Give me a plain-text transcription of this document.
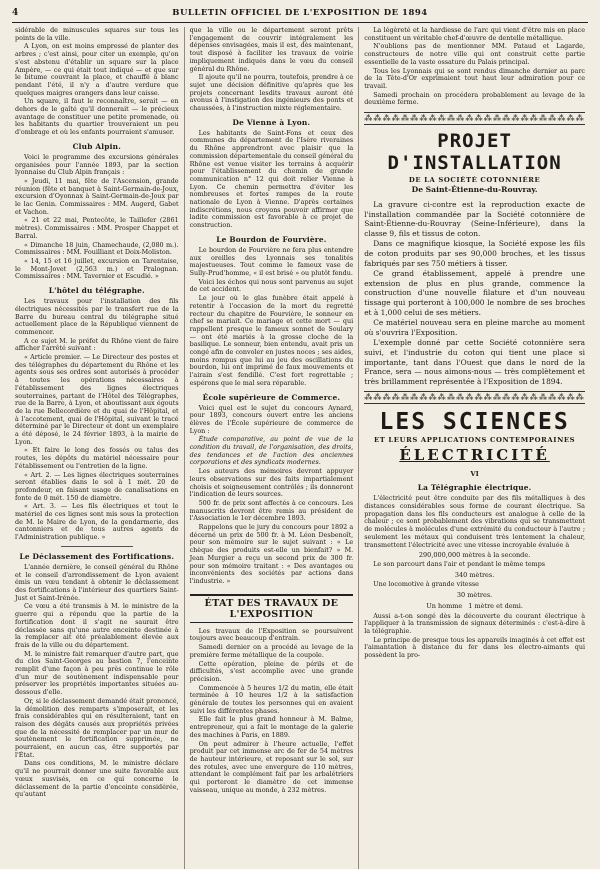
4	BULLETIN OFFICIEL DE L'EXPOSITION DE 1894

sidérable de minuscules squares sur tous les points de la ville.

A Lyon, on est moins empressé de planter des arbres ; c'est ainsi, pour citer un exemple, qu'on s'est abstenu d'établir un square sur la place Ampère, — ce qui était tout indiqué — et que sur le bitume couvrant la place, et chauffé à blanc pendant l'été, il n'y a d'autre verdure que quelques maigres orangers dans leur caisse.

Un square, il faut le reconnaître, serait — en dehors de le gaîté qu'il donnerait — le précieux avantage de constituer une petite promenade, où les habitants du quartier trouveraient un peu d'ombrage et où les enfants pourraient s'amuser.

Club Alpin.

Voici le programme des excursions générales organisées pour l'année 1893, par la section lyonnaise du Club Alpin français :

« Jeudi, 11 mai, fête de l'Ascension, grande réunion (fête et banquet à Saint-Germain-de-Joux, excursion d'Oyonnax à Saint-Germain-de-Joux par le lac Genin. Commissaires : MM. Augerd, Gabet et Vachon.

« 21 et 22 mai, Pentecôte, le Taillefer (2861 mètres). Commissaires : MM. Prosper Chappet et Barral.

« Dimanche 18 juin, Chamechaude, (2,080 m.). Commissaires : MM. Fouilliant et Doix-Moliston.

« 14, 15 et 16 juillet, excursion en Tarentaise, le Mont-Jovet (2,563 m.) et Pralognan. Commissaires : MM. Tavernier et Escudié. »

L'hôtel du télégraphe.

Les travaux pour l'installation des fils électriques nécessités par le transfert rue de la Barre du bureau central du télégraphe situé actuellement place de la République viennent de commencer.

A ce sujet M. le préfet du Rhône vient de faire afficher l'arrêté suivant :

« Article premier. — Le Directeur des postes et des télégraphes du département du Rhône et les agents sous ses ordres sont autorisés à procéder à toutes les opérations nécessaires à l'établissement des lignes électriques souterraines, partant de l'Hôtel des Télégraphes, rue de la Barre, à Lyon, et aboutissant aux égouts de la rue Bellecordière et du quai de l'Hôpital, et à l'accotement, quai de l'Hôpital, suivant le tracé déterminé par le Directeur et dont un exemplaire a été déposé, le 24 février 1893, à la mairie de Lyon.

« Et faire le long des fossés ou talus des routes, les dépôts du matériel nécessaire pour l'établissement ou l'entretien de la ligne.

« Art. 2. — Les lignes électriques souterraines seront établies dans le sol à 1 mét. 20 de profondeur, en faisant usage de canalisations en fonte de 0 mét. 150 de diamètre.

« Art. 3. — Les fils électriques et tout le matériel de ces lignes sont mis sous la protection de M. le Maire de Lyon, de la gendarmerie, des cantonniers et de tous autres agents de l'Administration publique. »

Le Déclassement des Fortifications.

L'année dernière, le conseil général du Rhône et le conseil d'arrondissement de Lyon avaient émis un vœu tendant à obtenir le déclassement des fortifications à l'intérieur des quartiers Saint-Just et Saint-Irénée.

Ce vœu a été transmis à M. le ministre de la guerre qui a répondu que la partie de la fortification dont il s'agit ne saurait être déclassée sans qu'une autre enceinte destinée à la remplacer ait été préalablement élevée aux frais de la ville ou du département.

M. le ministre fait remarquer d'autre part, que du clos Saint-Georges au bastion 7, l'enceinte remplit d'une façon à peu près continue le rôle d'un mur de soutènement indispensable pour préserver les propriétés importantes situées au-dessous d'elle.

Or, si le déclassement demandé était prononcé, la démolition des remparts s'imposerait, et les frais considérables qui en résulteraient, tant en raison des dégâts causés aux propriétés privées que de la nécessité de remplacer par un mur de soutènement le fortification supprimée, ne pourraient, en aucun cas, être supportés par l'État.

Dans ces conditions, M. le ministre déclare qu'il ne pourrait donner une suite favorable aux vœux susvisés, en ce qui concerne le déclassement de la partie d'enceinte considérée, qu'autant

que la ville ou le département seront prêts l'engagement de couvrir intégralement les dépenses envisagées, mais il est, dès maintenant, tout disposé à faciliter les travaux de voirie impliquement indiqués dans le vœu du conseil général du Rhône.

Il ajoute qu'il ne pourra, toutefois, prendre à ce sujet une décision définitive qu'après que les projets concernant lesdits travaux auront été avonus à l'instigation des ingénieurs des ponts et chaussées, à l'instruction mixte réglementaire.

De Vienne à Lyon.

Les habitants de Saint-Fons et ceux des communes du département de l'Isère riveraines du Rhône apprendront avec plaisir que la commission départementale du conseil général du Rhône est venue visiter les terrains à acquérir pour l'établissement du chemin de grande communication n° 12 qui doit relier Vienne à Lyon. Ce chemin permettra d'éviter les nombreuses et fortes rampes de la route nationale de Lyon à Vienne. D'après certaines indiscrétions, nous croyons pouvoir affirmer que ladite commission est favorable à ce projet de construction.

Le Bourdon de Fourvière.

Le bourdon de Fourvière ne fera plus entendre aux oreilles des Lyonnais ses tonalités majestueuses. Tout comme le fameux vase de Sully-Prud'homme, « il est brisé » ou plutôt fendu.

Voici les échos qui nous sont parvenus au sujet de cet accident.

Le jour où le glas funèbre était appelé à retentir à l'occasion de la mort du regretté recteur du chapitre de Fourvière, le sonneur en chef se mariait. Ce mariage et cette mort — qui rappellent presque le fameux sonnet de Soulary — ont été mariés à la grosse cloche de la basilique. Le sonneur, bien entendu, avait pris un congé afin de convoler en justes noces ; ses aides, moins rompus que lui au jeu des oscillations du bourdon, lui ont imprimé de faux mouvements et l'airain s'est fendillé. C'est fort regrettable ; espérons que le mal sera réparable.

École supérieure de Commerce.

Voici quel est le sujet du concours Aynard, pour 1893, concours ouvert entre les anciens élèves de l'École supérieure de commerce de Lyon :

Étude comparative, au point de vue de la condition du travail, de l'organisation, des droits, des tendances et de l'action des anciennes corporations et des syndicats modernes.

Les auteurs des mémoires devront appuyer leurs observations sur des faits impartialement choisis et soigneusement contrôlés ; ils donneront l'indication de leurs sources.

500 fr. de prix sont affectés à ce concours. Les manuscrits devront être remis au président de l'Association le 1er décembre 1893.

Rappelons que le jury du concours pour 1892 a décerné un prix de 500 fr. à M. Léon Desbenoît, pour son mémoire sur le sujet suivant : « Le chèque des produits est-elle un bienfait? » M. Jean Murgier a reçu un second prix de 300 fr. pour son mémoire traitant : « Des avantages ou inconvénients des sociétés par actions dans l'industrie. »

ÉTAT DES TRAVAUX DE L'EXPOSITION

Les travaux de l'Exposition se poursuivent toujours avec beaucoup d'entrain.

Samedi dernier on a procédé au levage de la première ferme métallique de la coupole.

Cette opération, pleine de périls et de difficultés, s'est accomplie avec une grande précision.

Commencée à 5 heures 1/2 du matin, elle était terminée à 10 heures 1/2 à la satisfaction générale de toutes les personnes qui en avaient suivi les différentes phases.

Elle fait le plus grand honneur à M. Balme, entrepreneur, qui a fait le montage de la galerie des machines à Paris, en 1889.

On peut admirer à l'heure actuelle, l'effet produit par cet immense arc de fer de 54 mètres de hauteur intérieure, et reposant sur le sol, sur des rotules, avec une envergure de 110 mètres, attendant le complément fait par les arbalétriers qui porteront le diamètre de cet immense vaisseau, unique au monde, à 232 mètres.

La légèreté et la hardiesse de l'arc qui vient d'être mis en place constituent un véritable chef-d'œuvre de dentelle métallique.

N'oublions pas de mentionner MM. Pataud et Lagarde, constructeurs de notre ville qui ont construit cette partie essentielle de la vaste ossature du Palais principal.

Tous les Lyonnais qui se sont rendus dimanche dernier au parc de la Tête-d'Or exprimaient tout haut leur admiration pour ce travail.

Samedi prochain on procédera probablement au levage de la deuxième ferme.

⁂⁂⁂⁂⁂⁂⁂⁂⁂⁂⁂⁂⁂⁂⁂⁂⁂⁂⁂⁂⁂⁂⁂⁂
PROJET D'INSTALLATION
DE LA SOCIÉTÉ COTONNIÈRE
De Saint-Étienne-du-Rouvray.

La gravure ci-contre est la reproduction exacte de l'installation commandée par la Société cotonnière de Saint-Étienne-du-Rouvray (Seine-Inférieure), dans la classe 9, fils et tissus de coton.

Dans ce magnifique kiosque, la Société expose les fils de coton produits par ses 90,000 broches, et les tissus fabriqués par ses 750 métiers à tisser.

Ce grand établissement, appelé à prendre une extension de plus en plus grande, commence la construction d'une nouvelle filature et d'un nouveau tissage qui porteront à 100,000 le nombre de ses broches et à 1,000 celui de ses métiers.

Ce matériel nouveau sera en pleine marche au moment où s'ouvrira l'Exposition.

L'exemple donné par cette Société cotonnière sera suivi, et l'industrie du coton qui tient une place si importante, tant dans l'Ouest que dans le nord de la France, sera — nous aimons-nous — très complètement et très brillamment représentée à l'Exposition de 1894.

⁂⁂⁂⁂⁂⁂⁂⁂⁂⁂⁂⁂⁂⁂⁂⁂⁂⁂⁂⁂⁂⁂⁂⁂
LES SCIENCES
ET LEURS APPLICATIONS CONTEMPORAINES
ÉLECTRICITÉ
VI
La Télégraphie électrique.

L'électricité peut être conduite par des fils métalliques à des distances considérables sous forme de courant électrique. Sa propagation dans les fils conducteurs est analogue à celle de la chaleur ; ce sont probablement des vibrations qui se transmettent de molécules à molécules d'une extrémité du conducteur à l'autre ; seulement les métaux qui conduisent très lentement la chaleur, transmettent l'électricité avec une vitesse incroyable évaluée à

290,000,000 mètres à la seconde.

Le son parcourt dans l'air et pendant le même temps

340 mètres.

Une locomotive à grande vitesse

30 mètres.
Un homme 1 mètre et demi.

Aussi a-t-on songé dès la découverte du courant électrique à l'appliquer à la transmission de signaux déterminés : c'est-à-dire à la télégraphie.

Le principe de presque tous les appareils imaginés à cet effet est l'aimantation à distance du fer dans les électro-aimants qui possèdent la pro-
